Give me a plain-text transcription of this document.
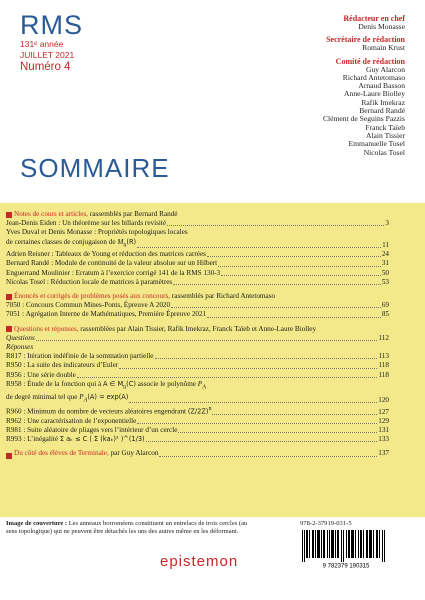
RMS
131ᵉ année
JUILLET 2021
Numéro 4
Rédacteur en chef
Denis Monasse
Secrétaire de rédaction
Romain Krust
Comité de rédaction
Guy Alarcon
Richard Antetomaso
Arnaud Basson
Anne-Laure Biolley
Rafik Imekraz
Bernard Randé
Clément de Seguins Pazzis
Franck Taïeb
Alain Tissier
Emmanuelle Tosel
Nicolas Tosel
SOMMAIRE
Notes de cours et articles, rassemblés par Bernard Randé
Jean-Denis Eiden : Un théorème sur les billards revisité	3
Yves Duval et Denis Monasse : Propriétés topologiques locales
de certaines classes de conjugaison de $M_n(R)$	11
Adrien Reisner : Tableaux de Young et réduction des matrices carrées	24
Bernard Randé : Module de continuité de la valeur absolue sur un Hilbert	31
Enguerrand Moulinier : Erratum à l’exercice corrigé 141 de la RMS 130-3	50
Nicolas Tosel : Réduction locale de matrices à paramètres	53
Énoncés et corrigés de problèmes posés aux concours, rassemblés par Richard Antetomaso
7050 : Concours Commun Mines-Ponts, Épreuve A 2020	69
7051 : Agrégation Interne de Mathématiques, Première Épreuve 2021	85
Questions et réponses, rassemblées par Alain Tissier, Rafik Imekraz, Franck Taïeb et Anne-Laure Biolley
Questions	112
Réponses
R817 : Itération indéfinie de la sommation partielle	113
R950 : La suite des indicateurs d’Euler	118
R956 : Une série double	118
R958 : Étude de la fonction qui à A ∈ $M_n(C)$ associe le polynôme $P_A$
de degré minimal tel que $P_A(A) = \exp(A)$	120
R960 : Minimum du nombre de vecteurs aléatoires engendrant $(Z/2Z)^n$	127
R962 : Une caractérisation de l’exponentielle	129
R981 : Suite aléatoire de pliages vers l’intérieur d’un cercle	131
R993 : L’inégalité Σ aₖ ≤ C ( Σ (kaₖ)² )^(1/3)	133
Du côté des élèves de Terminale, par Guy Alarcon	137
Image de couverture : Les anneaux borroméens constituent un entrelacs de trois cercles (au sens topologique) qui ne peuvent être détachés les uns des autres même en les déformant.
978-2-37919-031-5
9 782379 190315
epistemon
